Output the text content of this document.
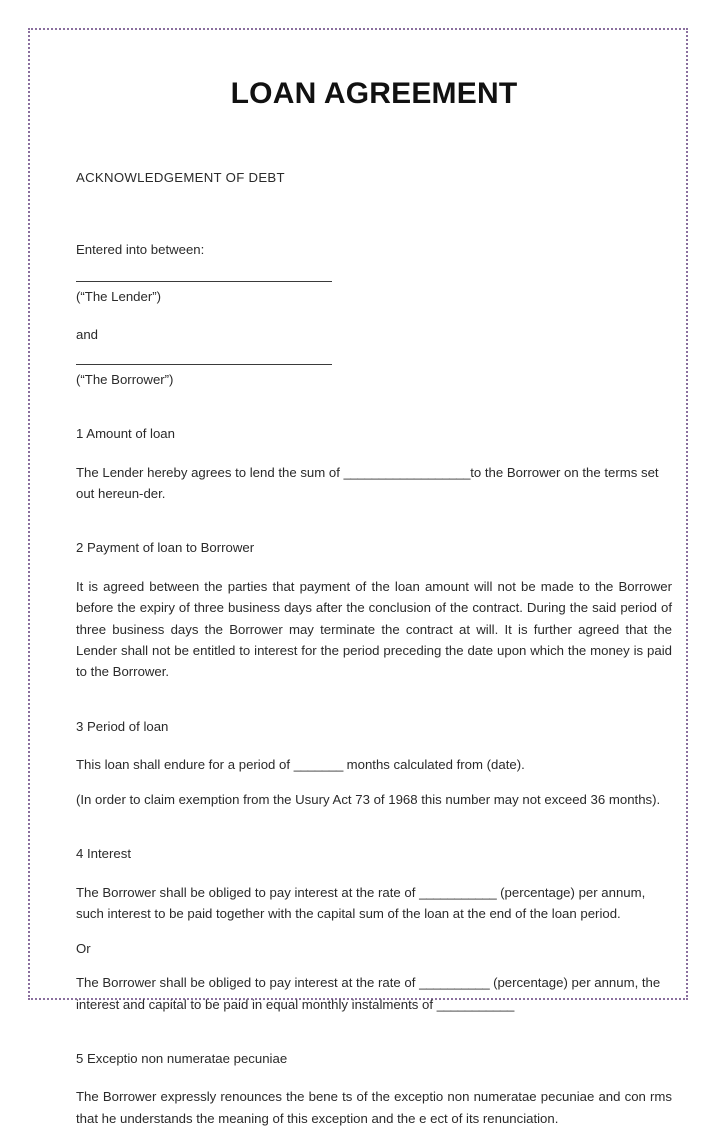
LOAN AGREEMENT
ACKNOWLEDGEMENT OF DEBT
Entered into between:
(“The Lender”)
and
(“The Borrower”)
1 Amount of loan

The Lender hereby agrees to lend the sum of __________________to the Borrower on the terms set out hereun-der.

2 Payment of loan to Borrower

It is agreed between the parties that payment of the loan amount will not be made to the Borrower before the expiry of three business days after the conclusion of the contract. During the said period of three business days the Borrower may terminate the contract at will. It is further agreed that the Lender shall not be entitled to interest for the period preceding the date upon which the money is paid to the Borrower.

3 Period of loan

This loan shall endure for a period of _______ months calculated from (date).

(In order to claim exemption from the Usury Act 73 of 1968 this number may not exceed 36 months).

4 Interest

The Borrower shall be obliged to pay interest at the rate of ___________ (percentage) per annum, such interest to be paid together with the capital sum of the loan at the end of the loan period.

Or

The Borrower shall be obliged to pay interest at the rate of __________ (percentage) per annum, the interest and capital to be paid in equal monthly instalments of ___________

5 Exceptio non numeratae pecuniae

The Borrower expressly renounces the bene ts of the exceptio non numeratae pecuniae and con rms that he understands the meaning of this exception and the e ect of its renunciation.
